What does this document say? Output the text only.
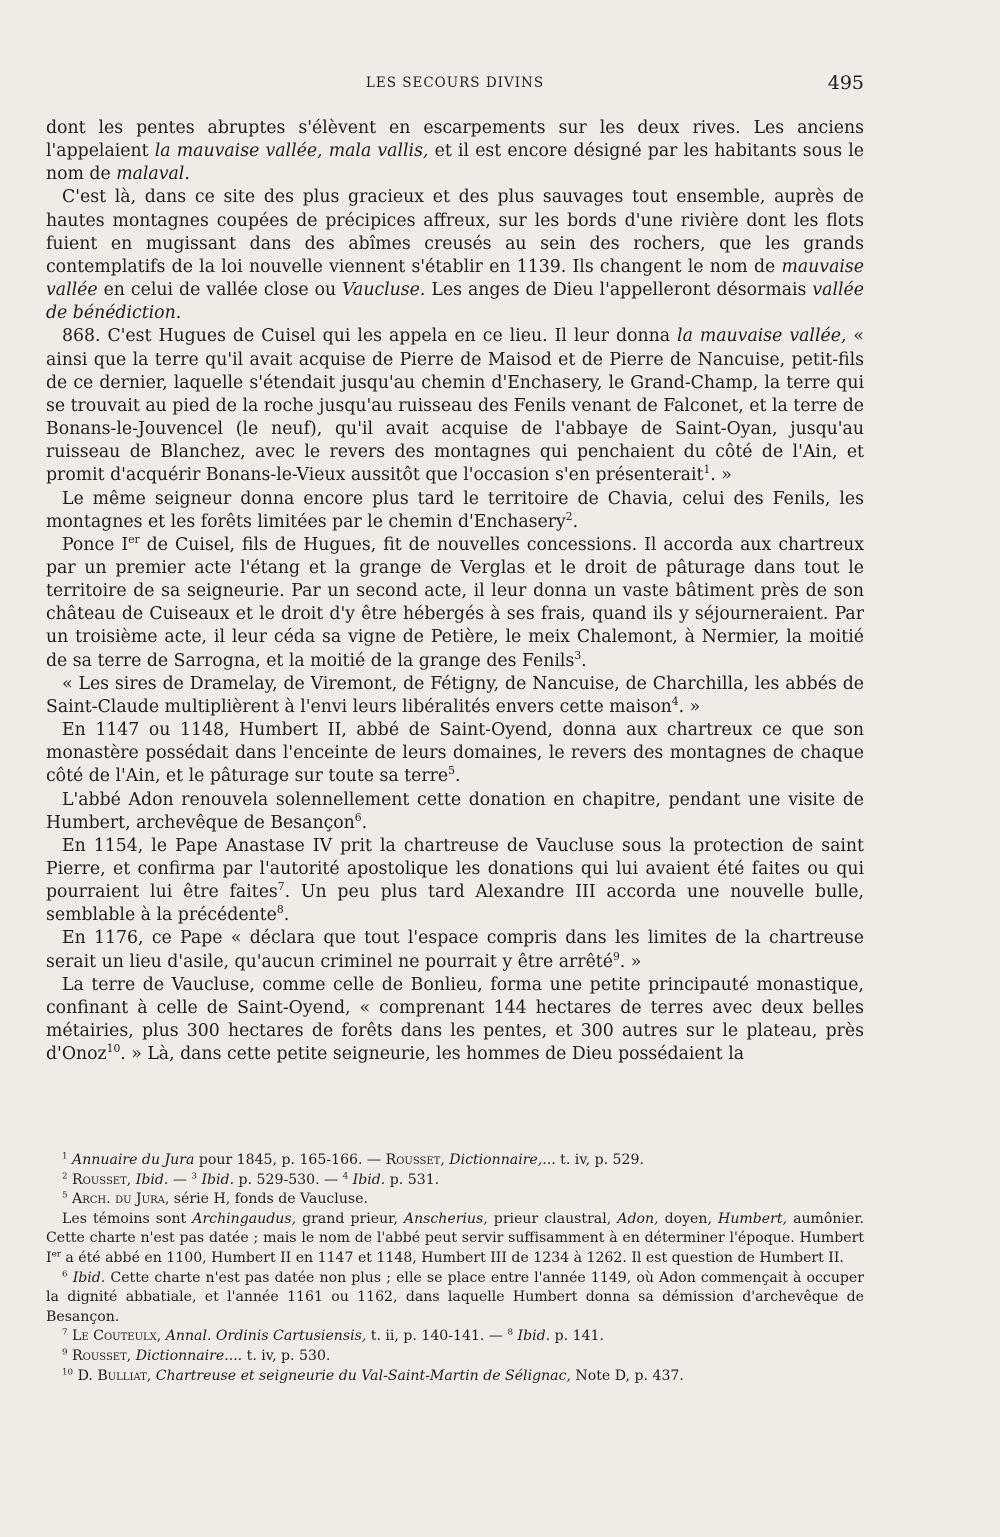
LES SECOURS DIVINS	495

dont les pentes abruptes s'élèvent en escarpements sur les deux rives. Les anciens l'appelaient la mauvaise vallée, mala vallis, et il est encore désigné par les habitants sous le nom de malaval.

C'est là, dans ce site des plus gracieux et des plus sauvages tout ensemble, auprès de hautes montagnes coupées de précipices affreux, sur les bords d'une rivière dont les flots fuient en mugissant dans des abîmes creusés au sein des rochers, que les grands contemplatifs de la loi nouvelle viennent s'établir en 1139. Ils changent le nom de mauvaise vallée en celui de vallée close ou Vaucluse. Les anges de Dieu l'appelleront désormais vallée de bénédiction.

868. C'est Hugues de Cuisel qui les appela en ce lieu. Il leur donna la mauvaise vallée, « ainsi que la terre qu'il avait acquise de Pierre de Maisod et de Pierre de Nancuise, petit-fils de ce dernier, laquelle s'étendait jusqu'au chemin d'Enchasery, le Grand-Champ, la terre qui se trouvait au pied de la roche jusqu'au ruisseau des Fenils venant de Falconet, et la terre de Bonans-le-Jouvencel (le neuf), qu'il avait acquise de l'abbaye de Saint-Oyan, jusqu'au ruisseau de Blanchez, avec le revers des montagnes qui penchaient du côté de l'Ain, et promit d'acquérir Bonans-le-Vieux aussitôt que l'occasion s'en présenterait$^1$. »

Le même seigneur donna encore plus tard le territoire de Chavia, celui des Fenils, les montagnes et les forêts limitées par le chemin d'Enchasery$^2$.

Ponce Ier de Cuisel, fils de Hugues, fit de nouvelles concessions. Il accorda aux chartreux par un premier acte l'étang et la grange de Verglas et le droit de pâturage dans tout le territoire de sa seigneurie. Par un second acte, il leur donna un vaste bâtiment près de son château de Cuiseaux et le droit d'y être hébergés à ses frais, quand ils y séjourneraient. Par un troisième acte, il leur céda sa vigne de Petière, le meix Chalemont, à Nermier, la moitié de sa terre de Sarrogna, et la moitié de la grange des Fenils$^3$.

« Les sires de Dramelay, de Viremont, de Fétigny, de Nancuise, de Charchilla, les abbés de Saint-Claude multiplièrent à l'envi leurs libéralités envers cette maison$^4$. »

En 1147 ou 1148, Humbert II, abbé de Saint-Oyend, donna aux chartreux ce que son monastère possédait dans l'enceinte de leurs domaines, le revers des montagnes de chaque côté de l'Ain, et le pâturage sur toute sa terre$^5$.

L'abbé Adon renouvela solennellement cette donation en chapitre, pendant une visite de Humbert, archevêque de Besançon$^6$.

En 1154, le Pape Anastase IV prit la chartreuse de Vaucluse sous la protection de saint Pierre, et confirma par l'autorité apostolique les donations qui lui avaient été faites ou qui pourraient lui être faites$^7$. Un peu plus tard Alexandre III accorda une nouvelle bulle, semblable à la précédente$^8$.

En 1176, ce Pape « déclara que tout l'espace compris dans les limites de la chartreuse serait un lieu d'asile, qu'aucun criminel ne pourrait y être arrêté$^9$. »

La terre de Vaucluse, comme celle de Bonlieu, forma une petite principauté monastique, confinant à celle de Saint-Oyend, « comprenant 144 hectares de terres avec deux belles métairies, plus 300 hectares de forêts dans les pentes, et 300 autres sur le plateau, près d'Onoz$^{10}$. » Là, dans cette petite seigneurie, les hommes de Dieu possédaient la

$^1$ Annuaire du Jura pour 1845, p. 165-166. — Rousset, Dictionnaire,... t. iv, p. 529.

$^2$ Rousset, Ibid. — $^3$ Ibid. p. 529-530. — $^4$ Ibid. p. 531.

$^5$ Arch. du Jura, série H, fonds de Vaucluse.

Les témoins sont Archingaudus, grand prieur, Anscherius, prieur claustral, Adon, doyen, Humbert, aumônier. Cette charte n'est pas datée ; mais le nom de l'abbé peut servir suffisamment à en déterminer l'époque. Humbert Ier a été abbé en 1100, Humbert II en 1147 et 1148, Humbert III de 1234 à 1262. Il est question de Humbert II.

$^6$ Ibid. Cette charte n'est pas datée non plus ; elle se place entre l'année 1149, où Adon commençait à occuper la dignité abbatiale, et l'année 1161 ou 1162, dans laquelle Humbert donna sa démission d'archevêque de Besançon.

$^7$ Le Couteulx, Annal. Ordinis Cartusiensis, t. ii, p. 140-141. — $^8$ Ibid. p. 141.

$^9$ Rousset, Dictionnaire.... t. iv, p. 530.

$^{10}$ D. Bulliat, Chartreuse et seigneurie du Val-Saint-Martin de Sélignac, Note D, p. 437.
